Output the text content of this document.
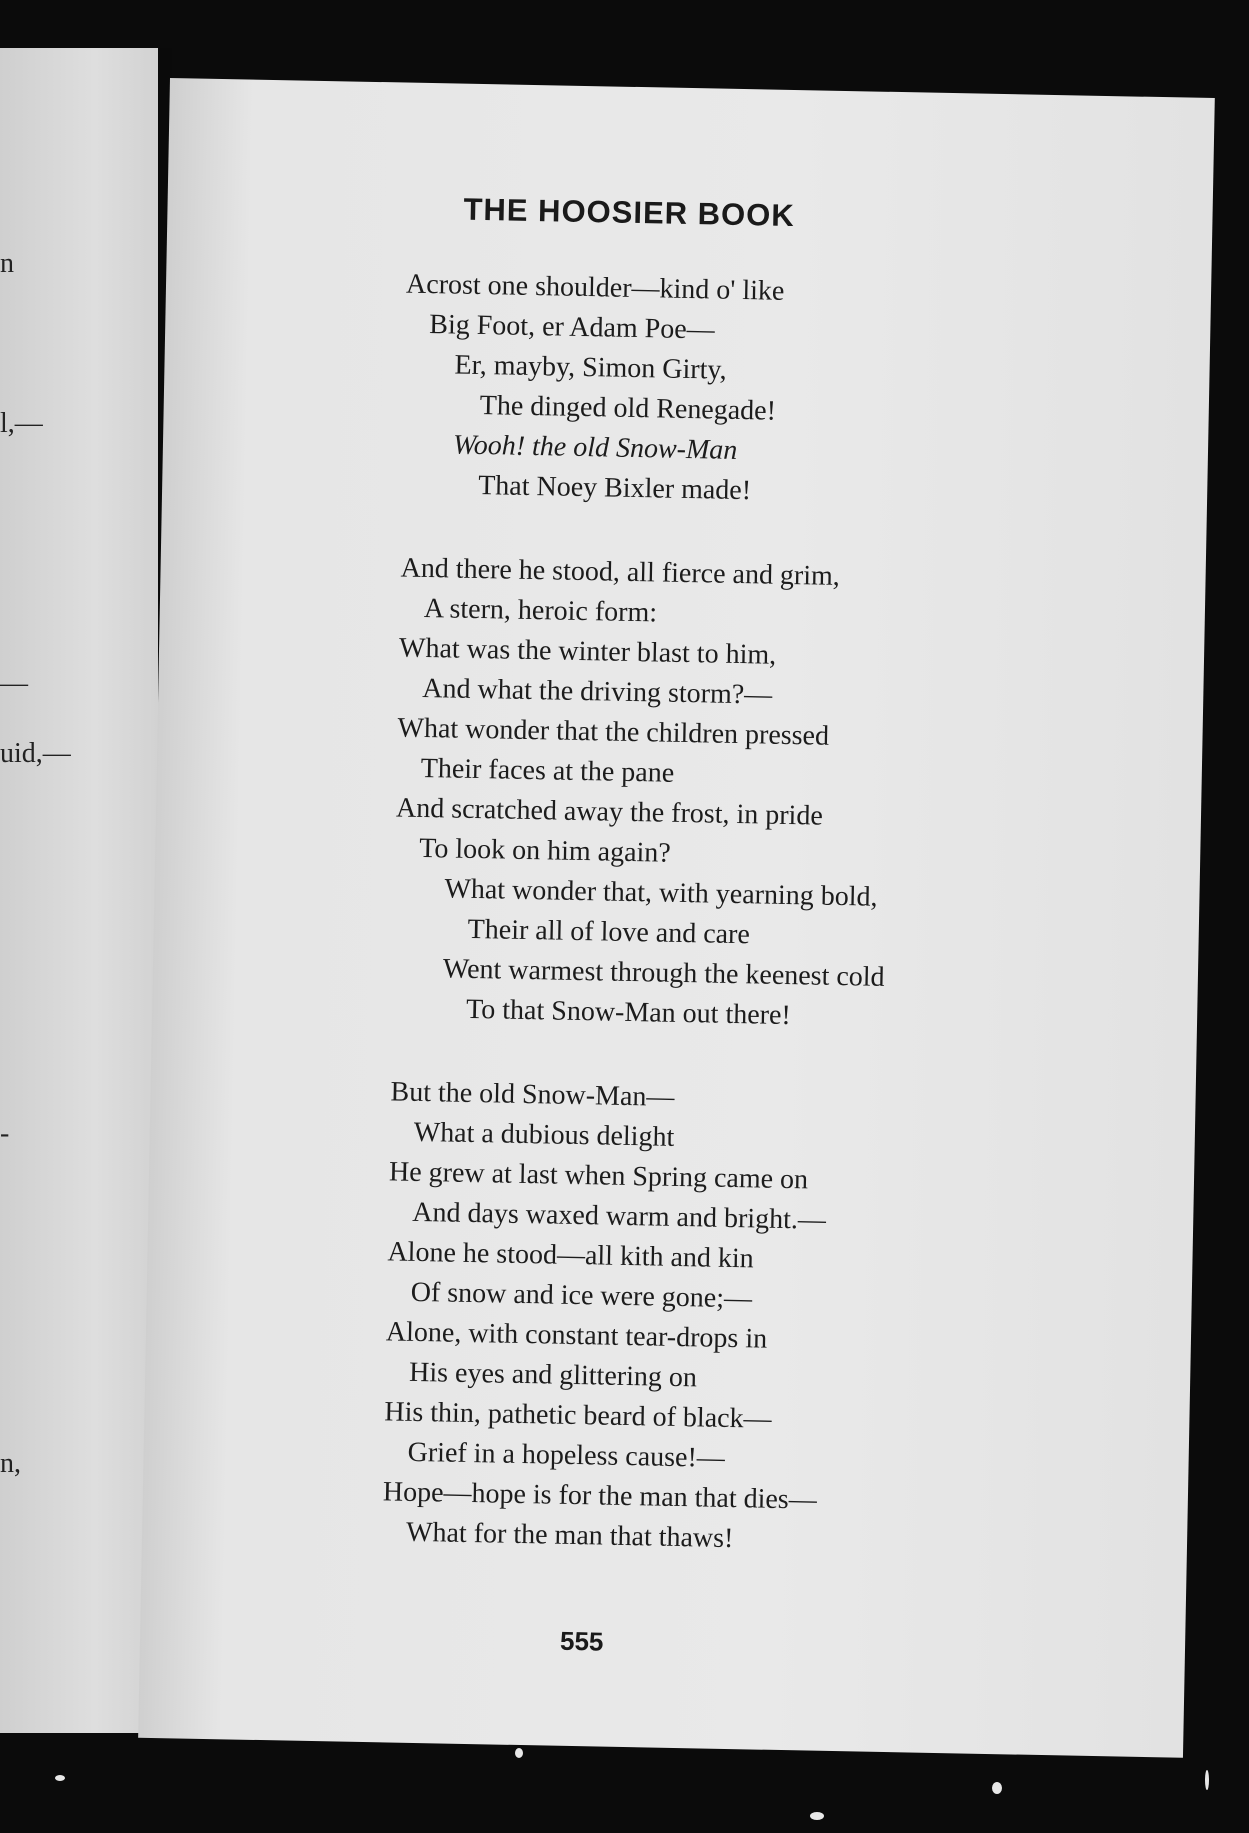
n
l,—
—
uid,—
-
n,
THE HOOSIER BOOK
Acrost one shoulder—kind o' like
Big Foot, er Adam Poe—
Er, mayby, Simon Girty,
The dinged old Renegade!
Wooh! the old Snow-Man
That Noey Bixler made!
And there he stood, all fierce and grim,
A stern, heroic form:
What was the winter blast to him,
And what the driving storm?—
What wonder that the children pressed
Their faces at the pane
And scratched away the frost, in pride
To look on him again?
What wonder that, with yearning bold,
Their all of love and care
Went warmest through the keenest cold
To that Snow-Man out there!
But the old Snow-Man—
What a dubious delight
He grew at last when Spring came on
And days waxed warm and bright.—
Alone he stood—all kith and kin
Of snow and ice were gone;—
Alone, with constant tear-drops in
His eyes and glittering on
His thin, pathetic beard of black—
Grief in a hopeless cause!—
Hope—hope is for the man that dies—
What for the man that thaws!
555
